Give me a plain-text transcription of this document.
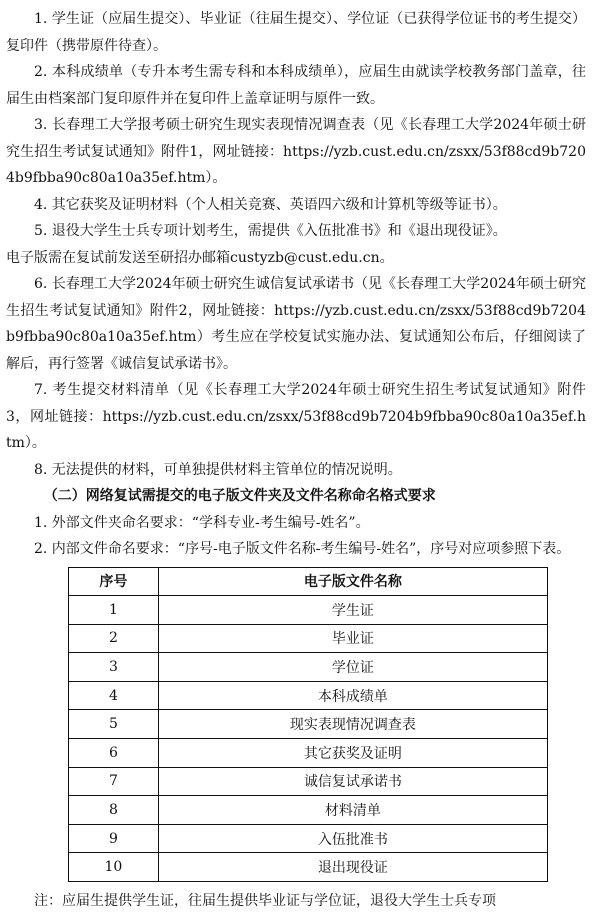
1. 学生证（应届生提交）、毕业证（往届生提交）、学位证（已获得学位证书的考生提交）复印件（携带原件待查）。

2. 本科成绩单（专升本考生需专科和本科成绩单），应届生由就读学校教务部门盖章，往届生由档案部门复印原件并在复印件上盖章证明与原件一致。

3. 长春理工大学报考硕士研究生现实表现情况调查表（见《长春理工大学2024年硕士研究生招生考试复试通知》附件1，网址链接：https://yzb.cust.edu.cn/zsxx/53f88cd9b7204b9fbba90c80a10a35ef.htm）。

4. 其它获奖及证明材料（个人相关竞赛、英语四六级和计算机等级等证书）。

5. 退役大学生士兵专项计划考生，需提供《入伍批准书》和《退出现役证》。

电子版需在复试前发送至研招办邮箱custyzb@cust.edu.cn。

6. 长春理工大学2024年硕士研究生诚信复试承诺书（见《长春理工大学2024年硕士研究生招生考试复试通知》附件2，网址链接：https://yzb.cust.edu.cn/zsxx/53f88cd9b7204b9fbba90c80a10a35ef.htm）考生应在学校复试实施办法、复试通知公布后，仔细阅读了解后，再行签署《诚信复试承诺书》。

7. 考生提交材料清单（见《长春理工大学2024年硕士研究生招生考试复试通知》附件3，网址链接：https://yzb.cust.edu.cn/zsxx/53f88cd9b7204b9fbba90c80a10a35ef.htm）。

8. 无法提供的材料，可单独提供材料主管单位的情况说明。

（二）网络复试需提交的电子版文件夹及文件名称命名格式要求

1. 外部文件夹命名要求：“学科专业-考生编号-姓名”。

2. 内部文件命名要求：“序号-电子版文件名称-考生编号-姓名”，序号对应项参照下表。

序号	电子版文件名称
1	学生证
2	毕业证
3	学位证
4	本科成绩单
5	现实表现情况调查表
6	其它获奖及证明
7	诚信复试承诺书
8	材料清单
9	入伍批准书
10	退出现役证

注：应届生提供学生证，往届生提供毕业证与学位证，退役大学生士兵专项
